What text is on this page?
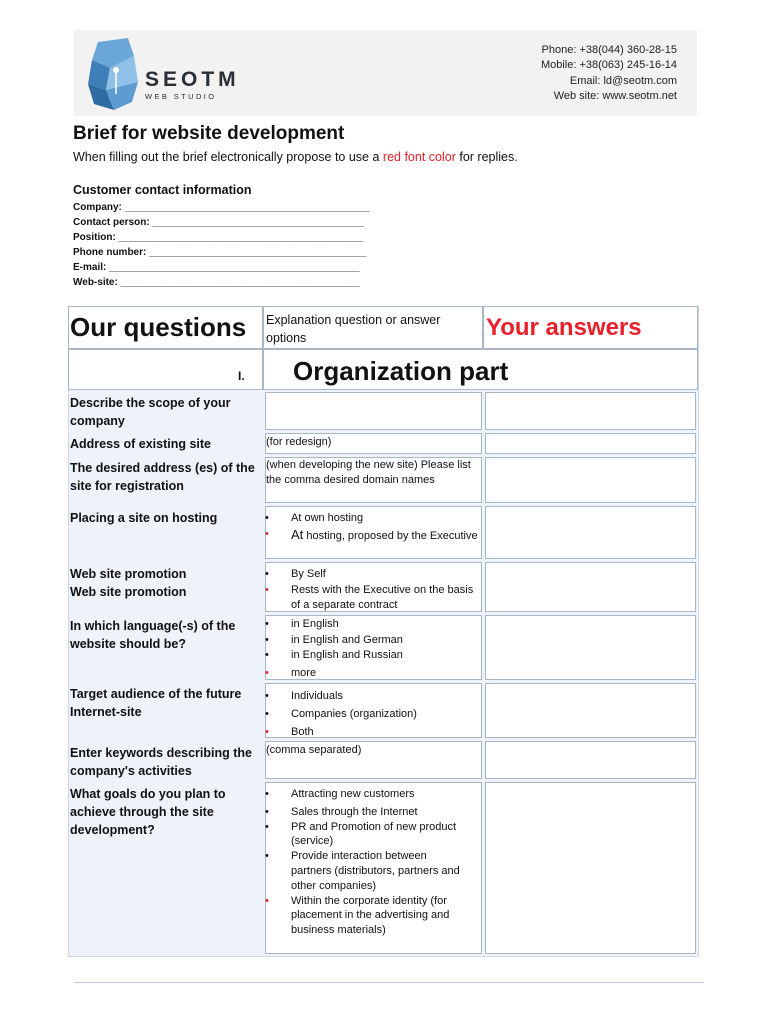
SEOTM
WEB STUDIO
Phone: +38(044) 360-28-15
Mobile: +38(063) 245-16-14
Email: ld@seotm.com
Web site: www.seotm.net
Brief for website development
When filling out the brief electronically propose to use a red font color for replies.
Customer contact information
Company: ____________________________________________
Contact person: ______________________________________
Position: ____________________________________________
Phone number: _______________________________________
E-mail: _____________________________________________
Web-site: ___________________________________________
Our questions Explanation question or answer options	Your answers
I. Organization part
Describe the scope of your company
Address of existing site	(for redesign)
The desired address (es) of the site for registration
(when developing the new site) Please list the comma desired domain names
Placing a site on hosting
•	At own hosting
• At hosting, proposed by the Executive
Web site promotion
Web site promotion
• By Self
• Rests with the Executive on the basis of a separate contract
In which language(-s) of the website should be?
• in English
• in English and German
• in English and Russian
• more
Target audience of the future Internet-site
• Individuals
• Companies (organization)
• Both
Enter keywords describing the company's activities
(comma separated)
What goals do you plan to achieve through the site development?
• Attracting new customers
• Sales through the Internet
• PR and Promotion of new product (service)
• Provide interaction between partners (distributors, partners and other companies)
• Within the corporate identity (for placement in the advertising and business materials)
